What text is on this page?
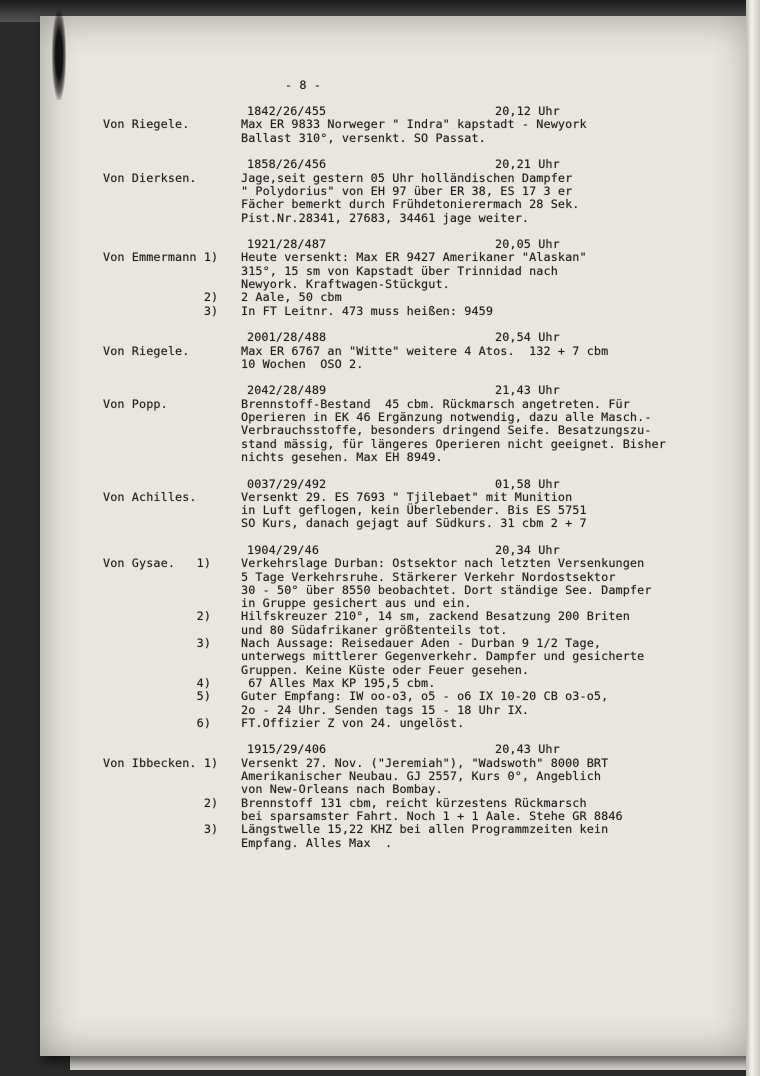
- 8 -

1842/26/455	20,12 Uhr
Von Riegele.	Max ER 9833 Norweger " Indra" kapstadt - Newyork
Ballast 310°, versenkt. SO Passat.
1858/26/456	20,21 Uhr
Von Dierksen.	Jage,seit gestern 05 Uhr holländischen Dampfer
" Polydorius" von EH 97 über ER 38, ES 17 3 er
Fächer bemerkt durch Frühdetonierermach 28 Sek.
Pist.Nr.28341, 27683, 34461 jage weiter.
1921/28/487	20,05 Uhr
Von Emmermann 1) Heute versenkt: Max ER 9427 Amerikaner "Alaskan"
315°, 15 sm von Kapstadt über Trinnidad nach
Newyork. Kraftwagen-Stückgut.
2) 2 Aale, 50 cbm
3) In FT Leitnr. 473 muss heißen: 9459
2001/28/488	20,54 Uhr
Von Riegele.	Max ER 6767 an "Witte" weitere 4 Atos.  132 + 7 cbm
10 Wochen  OSO 2.
2042/28/489	21,43 Uhr
Von Popp.	Brennstoff-Bestand  45 cbm. Rückmarsch angetreten. Für
Operieren in EK 46 Ergänzung notwendig, dazu alle Masch.-
Verbrauchsstoffe, besonders dringend Seife. Besatzungszu-
stand mässig, für längeres Operieren nicht geeignet. Bisher
nichts gesehen. Max EH 8949.
0037/29/492	01,58 Uhr
Von Achilles.	Versenkt 29. ES 7693 " Tjilebaet" mit Munition
in Luft geflogen, kein Überlebender. Bis ES 5751
SO Kurs, danach gejagt auf Südkurs. 31 cbm 2 + 7
1904/29/46	20,34 Uhr
Von Gysae.   1)	Verkehrslage Durban: Ostsektor nach letzten Versenkungen
5 Tage Verkehrsruhe. Stärkerer Verkehr Nordostsektor
30 - 50° über 8550 beobachtet. Dort ständige See. Dampfer
in Gruppe gesichert aus und ein.
2)	Hilfskreuzer 210°, 14 sm, zackend Besatzung 200 Briten
und 80 Südafrikaner größtenteils tot.
3)	Nach Aussage: Reisedauer Aden - Durban 9 1/2 Tage,
unterwegs mittlerer Gegenverkehr. Dampfer und gesicherte
Gruppen. Keine Küste oder Feuer gesehen.
4)	67 Alles Max KP 195,5 cbm.
5)	Guter Empfang: IW oo-o3, o5 - o6 IX 10-20 CB o3-o5,
2o - 24 Uhr. Senden tags 15 - 18 Uhr IX.
6)	FT.Offizier Z von 24. ungelöst.
1915/29/406	20,43 Uhr
Von Ibbecken. 1) Versenkt 27. Nov. ("Jeremiah"), "Wadswoth" 8000 BRT
Amerikanischer Neubau. GJ 2557, Kurs 0°, Angeblich
von New-Orleans nach Bombay.
2) Brennstoff 131 cbm, reicht kürzestens Rückmarsch
bei sparsamster Fahrt. Noch 1 + 1 Aale. Stehe GR 8846
3) Längstwelle 15,22 KHZ bei allen Programmzeiten kein
Empfang. Alles Max  .
